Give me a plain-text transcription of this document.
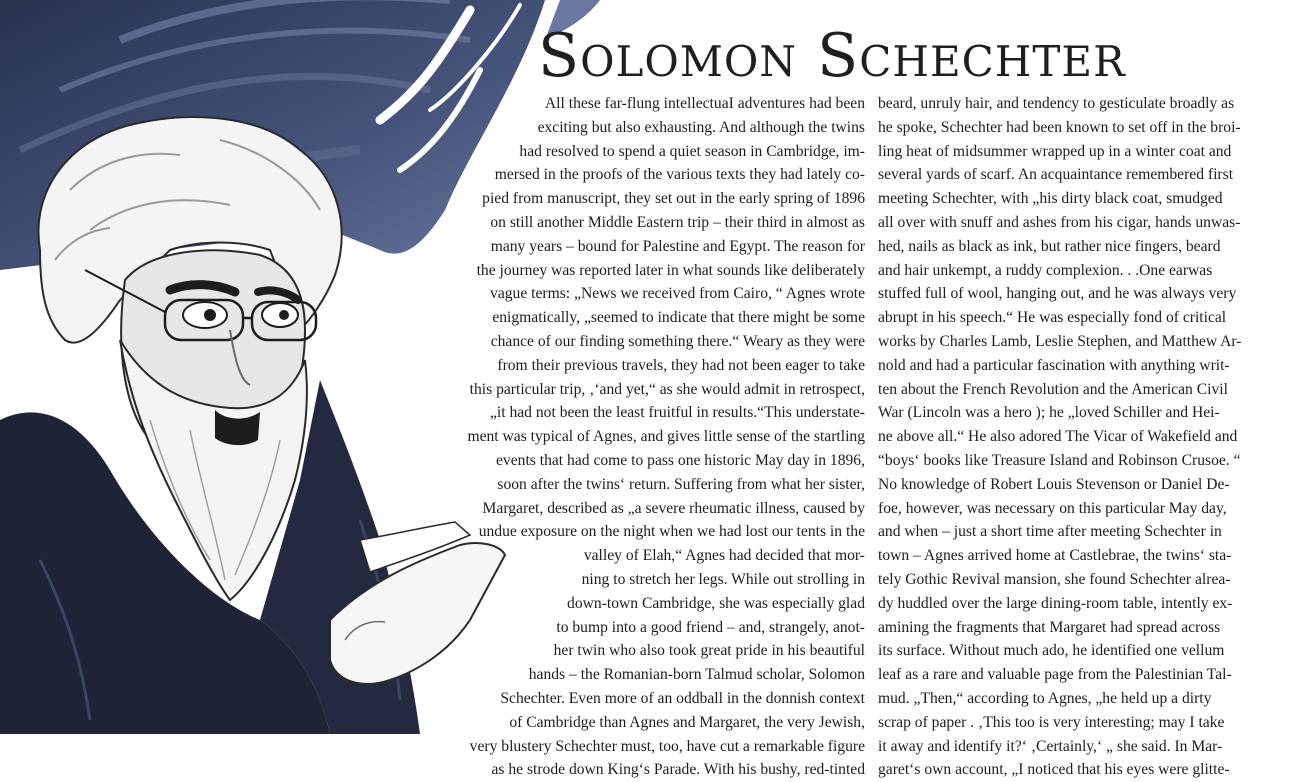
Solomon Schechter
All these far-flung intellectuaI adventures had been
exciting but also exhausting. And although the twins
had resolved to spend a quiet season in Cambridge, im-
mersed in the proofs of the various texts they had lately co-
pied from manuscript, they set out in the early spring of 1896
on still another Middle Eastern trip – their third in almost as
many years – bound for Palestine and Egypt. The reason for
the journey was reported later in what sounds like deliberately
vague terms: „News we received from Cairo, “ Agnes wrote
enigmatically, „seemed to indicate that there might be some
chance of our finding something there.“ Weary as they were
from their previous travels, they had not been eager to take
this particular trip, ‚‘and yet,“ as she would admit in retrospect,
„it had not been the least fruitful in results.“This understate-
ment was typical of Agnes, and gives little sense of the startling
events that had come to pass one historic May day in 1896,
soon after the twins‘ return. Suffering from what her sister,
Margaret, described as „a severe rheumatic illness, caused by
undue exposure on the night when we had lost our tents in the
valley of Elah,“ Agnes had decided that mor-
ning to stretch her legs. While out strolling in
down-town Cambridge, she was especially glad
to bump into a good friend – and, strangely, anot-
her twin who also took great pride in his beautiful
hands – the Romanian-born Talmud scholar, Solomon
Schechter. Even more of an oddball in the donnish context
of Cambridge than Agnes and Margaret, the very Jewish,
very blustery Schechter must, too, have cut a remarkable figure
as he strode down King‘s Parade. With his bushy, red-tinted
beard, unruly hair, and tendency to gesticulate broadly as
he spoke, Schechter had been known to set off in the broi-
ling heat of midsummer wrapped up in a winter coat and
several yards of scarf. An acquaintance remembered first
meeting Schechter, with „his dirty black coat, smudged
all over with snuff and ashes from his cigar, hands unwas-
hed, nails as black as ink, but rather nice fingers, beard
and hair unkempt, a ruddy complexion. . .One earwas
stuffed full of wool, hanging out, and he was always very
abrupt in his speech.“ He was especially fond of critical
works by Charles Lamb, Leslie Stephen, and Matthew Ar-
nold and had a particular fascination with anything writ-
ten about the French Revolution and the American Civil
War (Lincoln was a hero ); he „loved Schiller and Hei-
ne above all.“ He also adored The Vicar of Wakefield and
“boys‘ books like Treasure Island and Robinson Crusoe. “
No knowledge of Robert Louis Stevenson or Daniel De-
foe, however, was necessary on this particular May day,
and when – just a short time after meeting Schechter in
town – Agnes arrived home at Castlebrae, the twins‘ sta-
tely Gothic Revival mansion, she found Schechter alrea-
dy huddled over the large dining-room table, intently ex-
amining the fragments that Margaret had spread across
its surface. Without much ado, he identified one vellum
leaf as a rare and valuable page from the Palestinian Tal-
mud. „Then,“ according to Agnes, „he held up a dirty
scrap of paper . ‚This too is very interesting; may I take
it away and identify it?‘ ‚Certainly,‘ „ she said. In Mar-
garet‘s own account, „I noticed that his eyes were glitte-
